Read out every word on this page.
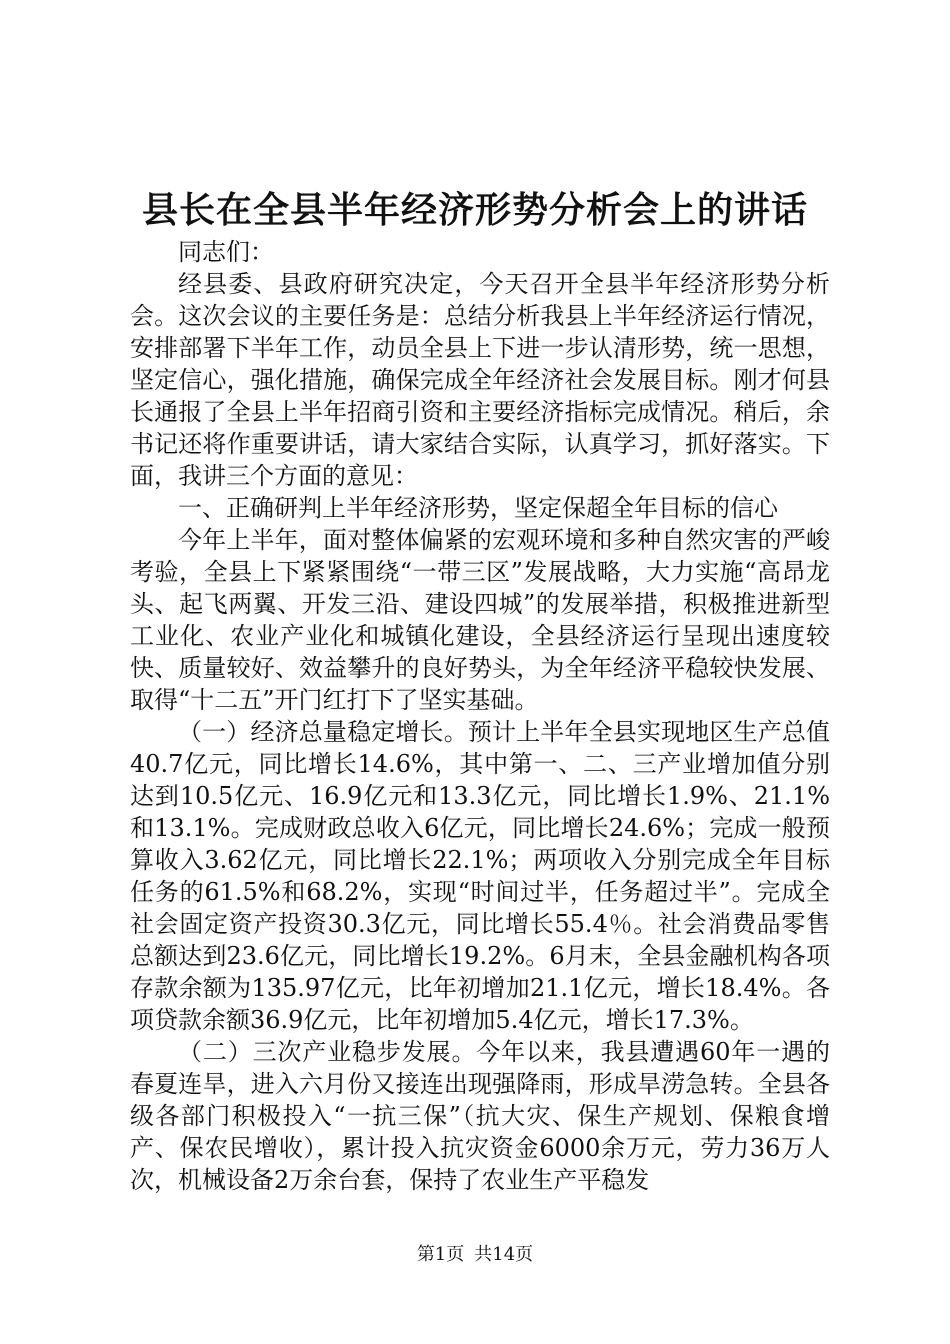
县长在全县半年经济形势分析会上的讲话

同志们：

经县委、县政府研究决定，今天召开全县半年经济形势分析会。这次会议的主要任务是：总结分析我县上半年经济运行情况，安排部署下半年工作，动员全县上下进一步认清形势，统一思想，坚定信心，强化措施，确保完成全年经济社会发展目标。刚才何县长通报了全县上半年招商引资和主要经济指标完成情况。稍后，余书记还将作重要讲话，请大家结合实际，认真学习，抓好落实。下面，我讲三个方面的意见：

一、正确研判上半年经济形势，坚定保超全年目标的信心

今年上半年，面对整体偏紧的宏观环境和多种自然灾害的严峻考验，全县上下紧紧围绕“一带三区”发展战略，大力实施“高昂龙头、起飞两翼、开发三沿、建设四城”的发展举措，积极推进新型工业化、农业产业化和城镇化建设，全县经济运行呈现出速度较快、质量较好、效益攀升的良好势头，为全年经济平稳较快发展、取得“十二五”开门红打下了坚实基础。

（一）经济总量稳定增长。预计上半年全县实现地区生产总值40.7亿元，同比增长14.6%，其中第一、二、三产业增加值分别达到10.5亿元、16.9亿元和13.3亿元，同比增长1.9%、21.1%和13.1%。完成财政总收入6亿元，同比增长24.6%；完成一般预算收入3.62亿元，同比增长22.1%；两项收入分别完成全年目标任务的61.5%和68.2%，实现“时间过半，任务超过半”。完成全社会固定资产投资30.3亿元，同比增长55.4％。社会消费品零售总额达到23.6亿元，同比增长19.2%。6月末，全县金融机构各项存款余额为135.97亿元，比年初增加21.1亿元，增长18.4%。各项贷款余额36.9亿元，比年初增加5.4亿元，增长17.3%。

（二）三次产业稳步发展。今年以来，我县遭遇60年一遇的春夏连旱，进入六月份又接连出现强降雨，形成旱涝急转。全县各级各部门积极投入“一抗三保”（抗大灾、保生产规划、保粮食增产、保农民增收），累计投入抗灾资金6000余万元，劳力36万人次，机械设备2万余台套，保持了农业生产平稳发

第1页 共14页
